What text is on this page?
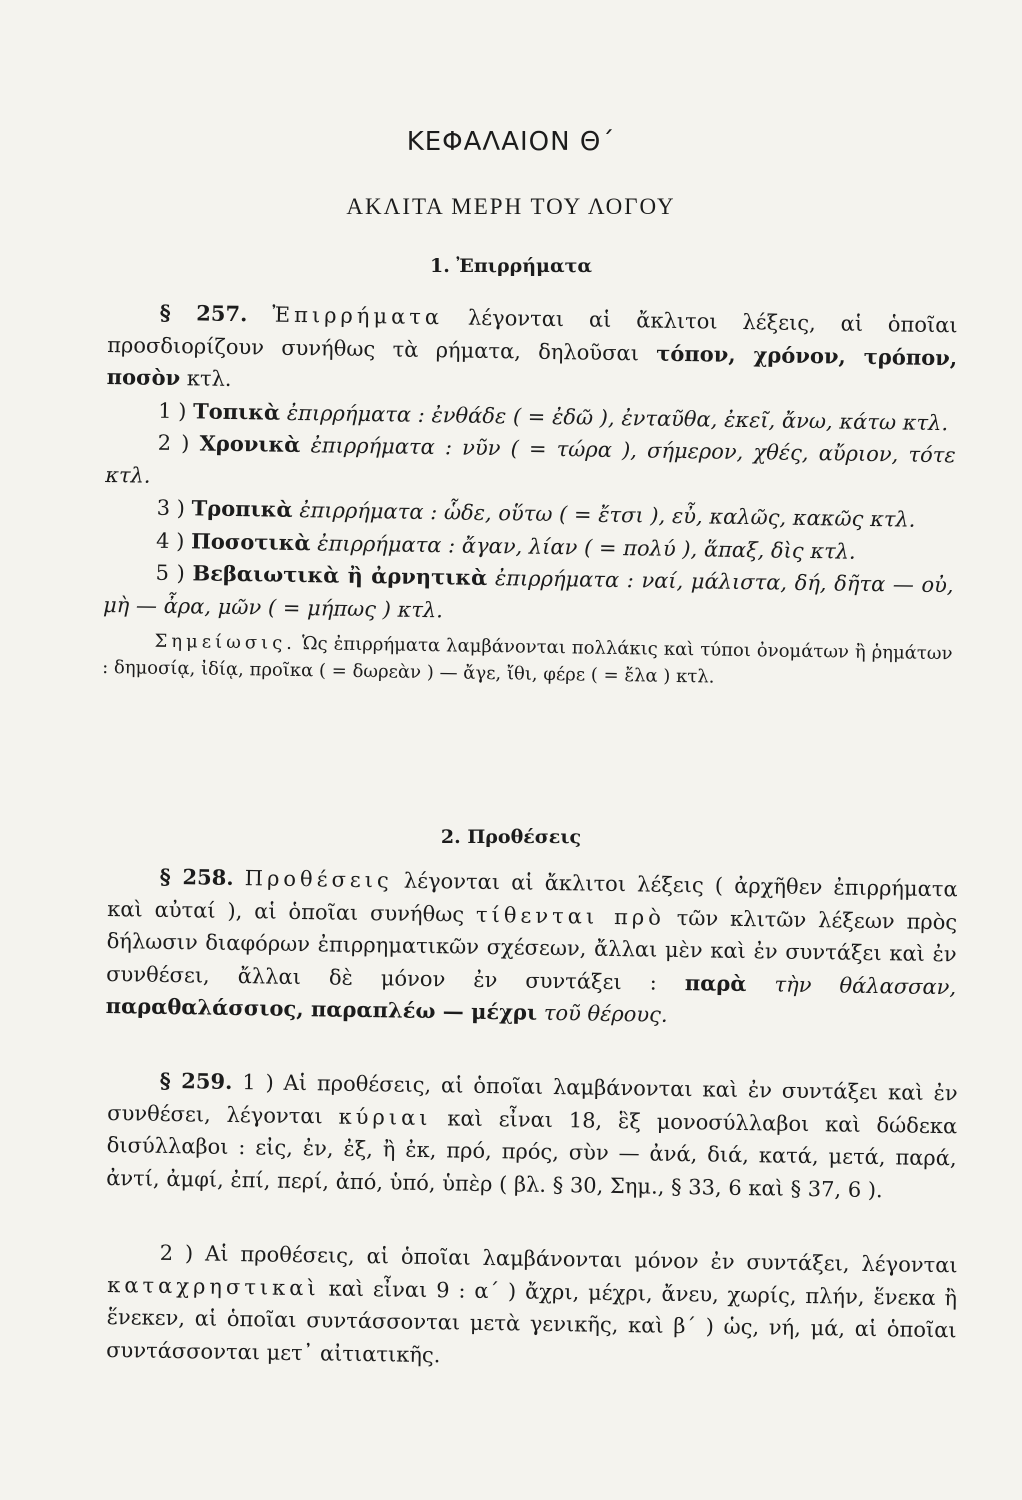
ΚΕΦΑΛΑΙΟΝ Θ΄
ΑΚΛΙΤΑ ΜΕΡΗ ΤΟΥ ΛΟΓΟΥ
1. Ἐπιρρήματα

§ 257. Ἐπιρρήματα λέγονται αἱ ἄκλιτοι λέξεις, αἱ ὁποῖαι προσδιορίζουν συνήθως τὰ ρήματα, δηλοῦσαι τόπον, χρόνον, τρόπον, ποσὸν κτλ.

1 ) Τοπικὰ ἐπιρρήματα : ἐνθάδε ( = ἐδῶ ), ἐνταῦθα, ἐκεῖ, ἄνω, κάτω κτλ.

2 ) Χρονικὰ ἐπιρρήματα : νῦν ( = τώρα ), σήμερον, χθές, αὔριον, τότε κτλ.

3 ) Τροπικὰ ἐπιρρήματα : ὧδε, οὕτω ( = ἔτσι ), εὖ, καλῶς, κακῶς κτλ.

4 ) Ποσοτικὰ ἐπιρρήματα : ἄγαν, λίαν ( = πολύ ), ἅπαξ, δὶς κτλ.

5 ) Βεβαιωτικὰ ἢ ἀρνητικὰ ἐπιρρήματα : ναί, μάλιστα, δή, δῆτα — οὐ, μὴ — ἆρα, μῶν ( = μήπως ) κτλ.

Σημείωσις. Ὡς ἐπιρρήματα λαμβάνονται πολλάκις καὶ τύποι ὀνομάτων ἢ ῥημάτων : δημοσίᾳ, ἰδίᾳ, προῖκα ( = δωρεὰν ) — ἄγε, ἴθι, φέρε ( = ἔλα ) κτλ.

2. Προθέσεις

§ 258. Προθέσεις λέγονται αἱ ἄκλιτοι λέξεις ( ἀρχῆθεν ἐπιρρήματα καὶ αὐταί ), αἱ ὁποῖαι συνήθως τίθενται πρὸ τῶν κλιτῶν λέξεων πρὸς δήλωσιν διαφόρων ἐπιρρηματικῶν σχέσεων, ἄλλαι μὲν καὶ ἐν συντάξει καὶ ἐν συνθέσει, ἄλλαι δὲ μόνον ἐν συντάξει : παρὰ τὴν θάλασσαν, παραθαλάσσιος, παραπλέω — μέχρι τοῦ θέρους.

§ 259. 1 ) Αἱ προθέσεις, αἱ ὁποῖαι λαμβάνονται καὶ ἐν συντάξει καὶ ἐν συνθέσει, λέγονται κύριαι καὶ εἶναι 18, ἓξ μονοσύλλαβοι καὶ δώδεκα δισύλλαβοι : εἰς, ἐν, ἐξ, ἢ ἐκ, πρό, πρός, σὺν — ἀνά, διά, κατά, μετά, παρά, ἀντί, ἀμφί, ἐπί, περί, ἀπό, ὑπό, ὑπὲρ ( βλ. § 30, Σημ., § 33, 6 καὶ § 37, 6 ).

2 ) Αἱ προθέσεις, αἱ ὁποῖαι λαμβάνονται μόνον ἐν συντάξει, λέγονται καταχρηστικαὶ καὶ εἶναι 9 : α΄ ) ἄχρι, μέχρι, ἄνευ, χωρίς, πλήν, ἕνεκα ἢ ἕνεκεν, αἱ ὁποῖαι συντάσσονται μετὰ γενικῆς, καὶ β΄ ) ὡς, νή, μά, αἱ ὁποῖαι συντάσσονται μετ᾽ αἰτιατικῆς.
